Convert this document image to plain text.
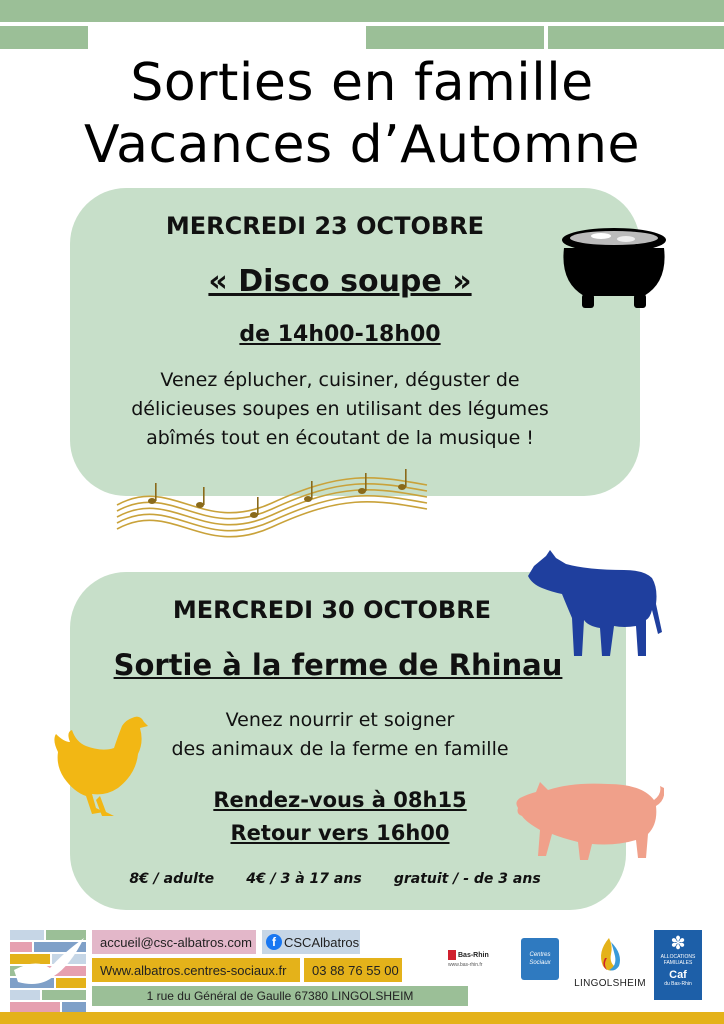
Sorties en famille
Vacances d’Automne
MERCREDI 23 OCTOBRE
« Disco soupe »
de 14h00-18h00
Venez éplucher, cuisiner, déguster de
délicieuses soupes en utilisant des légumes
abîmés tout en écoutant de la musique !
MERCREDI 30 OCTOBRE
Sortie à la ferme de Rhinau
Venez nourrir et soigner
des animaux de la ferme en famille
Rendez-vous à 08h15
Retour vers 16h00
8€ / adulte 4€ / 3 à 17 ans gratuit / - de 3 ans
accueil@csc-albatros.com	f CSCAlbatros
Www.albatros.centres-sociaux.fr 03 88 76 55 00
1 rue du Général de Gaulle 67380 LINGOLSHEIM
Bas-Rhin
www.bas-rhin.fr
Centres Sociaux
LINGOLSHEIM
✽
ALLOCATIONS
FAMILIALES
Caf
du Bas-Rhin
